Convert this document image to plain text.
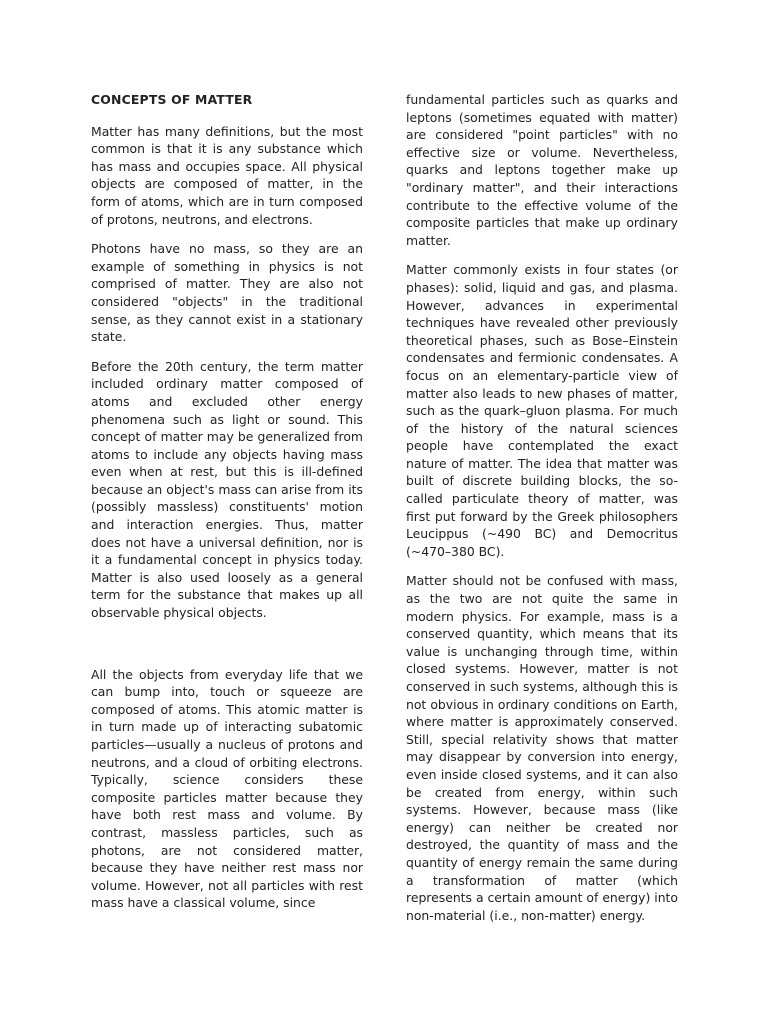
CONCEPTS OF MATTER

Matter has many definitions, but the most common is that it is any substance which has mass and occupies space. All physical objects are composed of matter, in the form of atoms, which are in turn composed of protons, neutrons, and electrons.

Photons have no mass, so they are an example of something in physics is not comprised of matter. They are also not considered "objects" in the traditional sense, as they cannot exist in a stationary state.

Before the 20th century, the term matter included ordinary matter composed of atoms and excluded other energy phenomena such as light or sound. This concept of matter may be generalized from atoms to include any objects having mass even when at rest, but this is ill-defined because an object's mass can arise from its (possibly massless) constituents' motion and interaction energies. Thus, matter does not have a universal definition, nor is it a fundamental concept in physics today. Matter is also used loosely as a general term for the substance that makes up all observable physical objects.

All the objects from everyday life that we can bump into, touch or squeeze are composed of atoms. This atomic matter is in turn made up of interacting subatomic particles—usually a nucleus of protons and neutrons, and a cloud of orbiting electrons. Typically, science considers these composite particles matter because they have both rest mass and volume. By contrast, massless particles, such as photons, are not considered matter, because they have neither rest mass nor volume. However, not all particles with rest mass have a classical volume, since

fundamental particles such as quarks and leptons (sometimes equated with matter) are considered "point particles" with no effective size or volume. Nevertheless, quarks and leptons together make up "ordinary matter", and their interactions contribute to the effective volume of the composite particles that make up ordinary matter.

Matter commonly exists in four states (or phases): solid, liquid and gas, and plasma. However, advances in experimental techniques have revealed other previously theoretical phases, such as Bose–Einstein condensates and fermionic condensates. A focus on an elementary-particle view of matter also leads to new phases of matter, such as the quark–gluon plasma. For much of the history of the natural sciences people have contemplated the exact nature of matter. The idea that matter was built of discrete building blocks, the so-called particulate theory of matter, was first put forward by the Greek philosophers Leucippus (~490 BC) and Democritus (~470–380 BC).

Matter should not be confused with mass, as the two are not quite the same in modern physics. For example, mass is a conserved quantity, which means that its value is unchanging through time, within closed systems. However, matter is not conserved in such systems, although this is not obvious in ordinary conditions on Earth, where matter is approximately conserved. Still, special relativity shows that matter may disappear by conversion into energy, even inside closed systems, and it can also be created from energy, within such systems. However, because mass (like energy) can neither be created nor destroyed, the quantity of mass and the quantity of energy remain the same during a transformation of matter (which represents a certain amount of energy) into non-material (i.e., non-matter) energy.
